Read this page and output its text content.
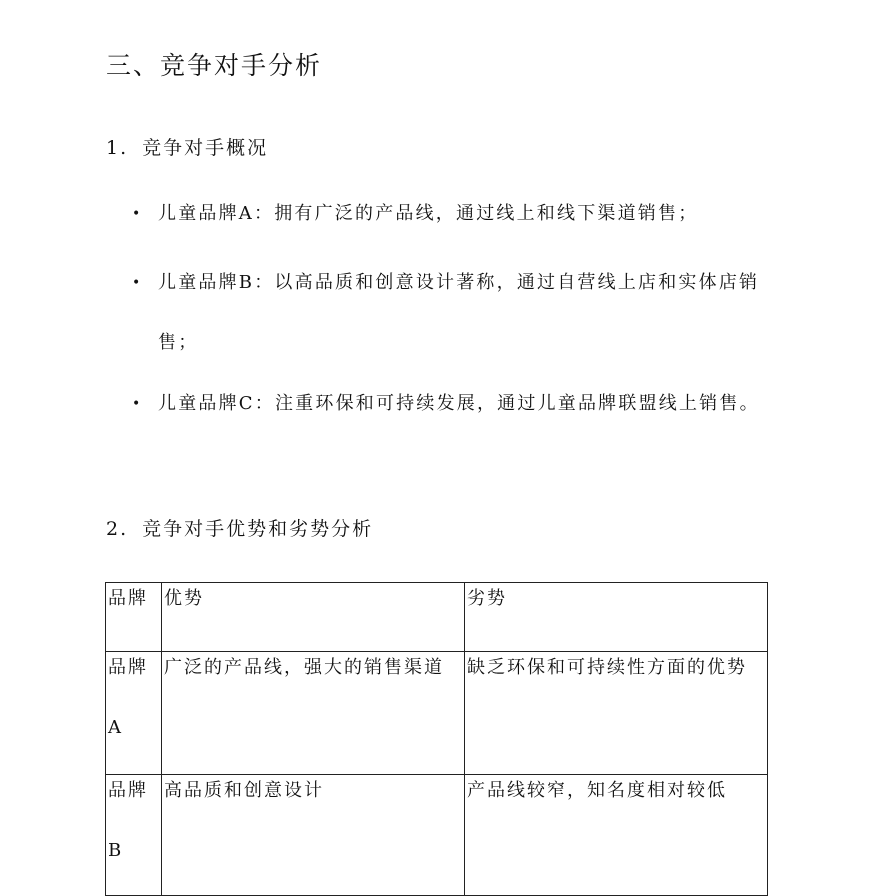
三、竞争对手分析
1. 竞争对手概况
• 儿童品牌A：拥有广泛的产品线，通过线上和线下渠道销售；
• 儿童品牌B：以高品质和创意设计著称，通过自营线上店和实体店销售；
• 儿童品牌C：注重环保和可持续发展，通过儿童品牌联盟线上销售。
2. 竞争对手优势和劣势分析
品牌	优势	劣势

品牌A	广泛的产品线，强大的销售渠道	缺乏环保和可持续性方面的优势

品牌B	高品质和创意设计	产品线较窄，知名度相对较低
